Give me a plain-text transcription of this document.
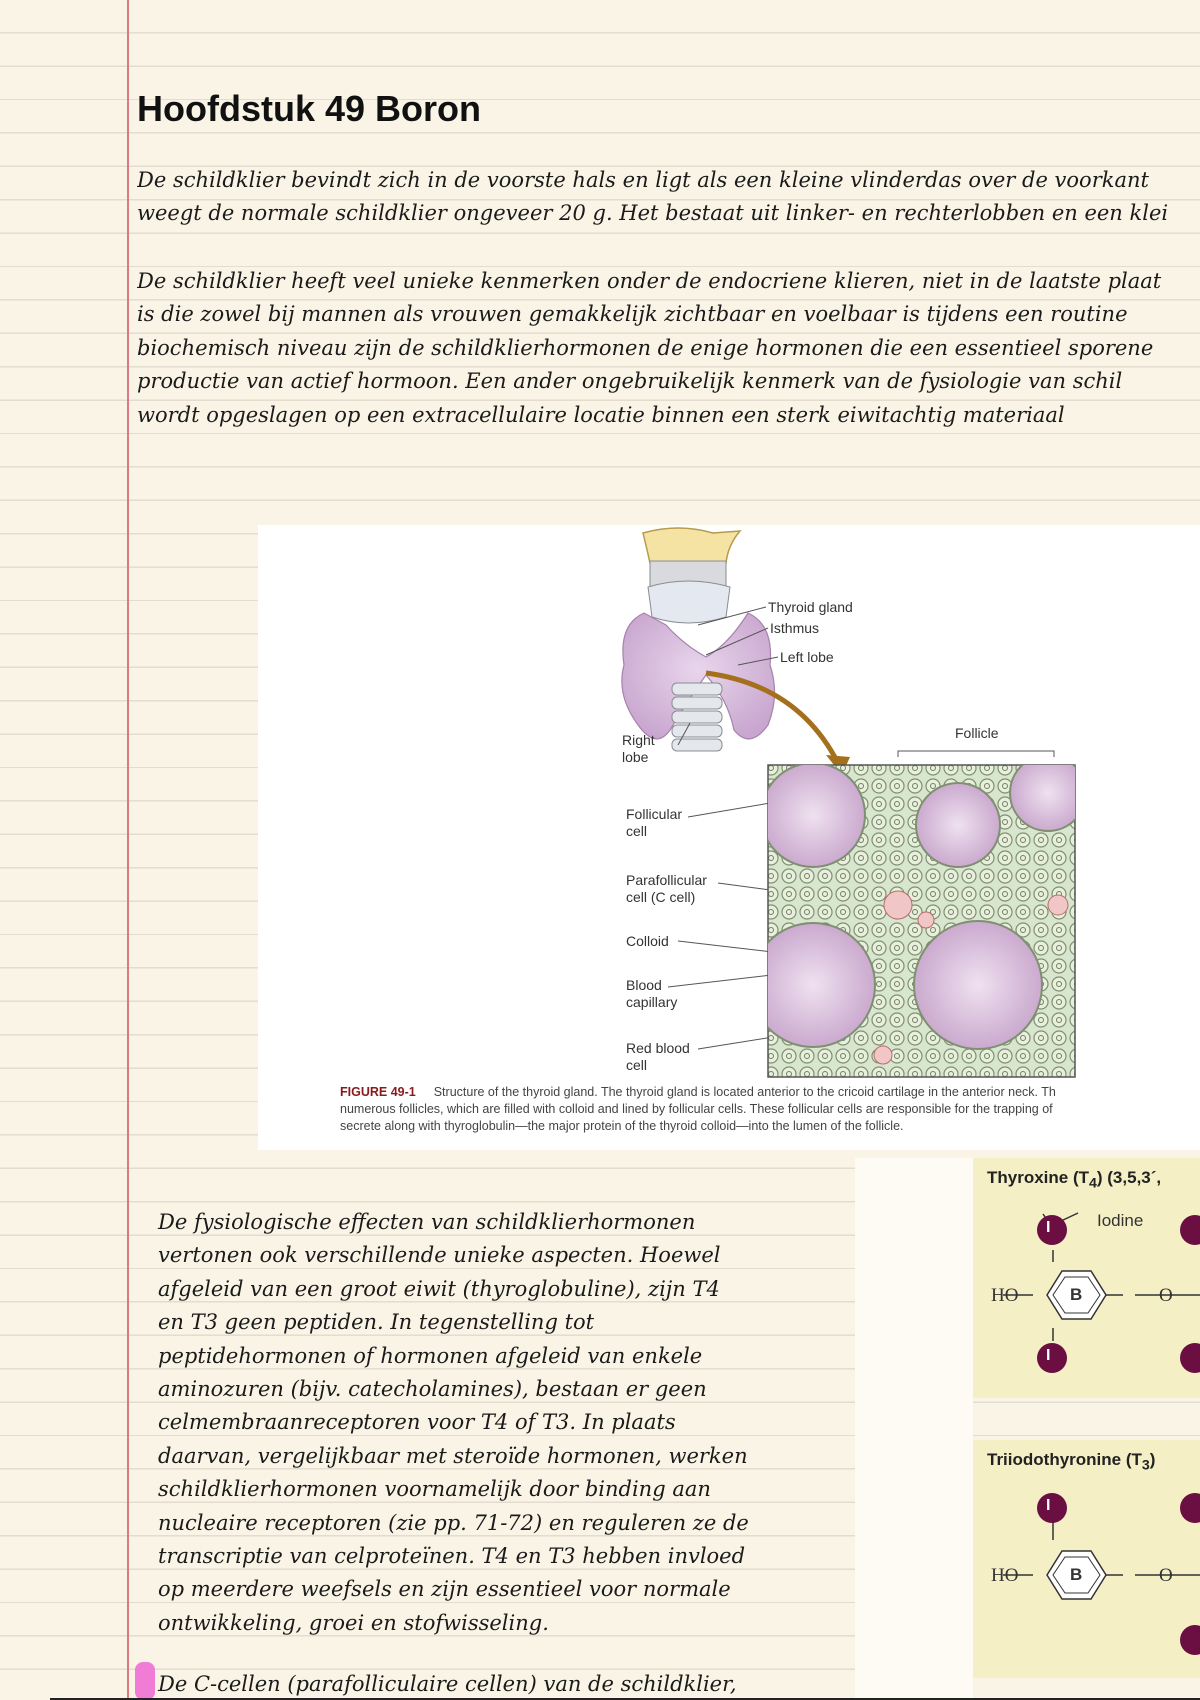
Hoofdstuk 49 Boron
De schildklier bevindt zich in de voorste hals en ligt als een kleine vlinderdas over de voorkant
weegt de normale schildklier ongeveer 20 g. Het bestaat uit linker- en rechterlobben en een klei
De schildklier heeft veel unieke kenmerken onder de endocriene klieren, niet in de laatste plaat
is die zowel bij mannen als vrouwen gemakkelijk zichtbaar en voelbaar is tijdens een routine
biochemisch niveau zijn de schildklierhormonen de enige hormonen die een essentieel sporene
productie van actief hormoon. Een ander ongebruikelijk kenmerk van de fysiologie van schil
wordt opgeslagen op een extracellulaire locatie binnen een sterk eiwitachtig materiaal
Thyroid gland
Isthmus
Left lobe
Right
lobe
Follicle
Follicular
cell
Parafollicular
cell (C cell)
Colloid
Blood
capillary
Red blood
cell
FIGURE 49-1 Structure of the thyroid gland. The thyroid gland is located anterior to the cricoid cartilage in the anterior neck. Th
numerous follicles, which are filled with colloid and lined by follicular cells. These follicular cells are responsible for the trapping of
secrete along with thyroglobulin—the major protein of the thyroid colloid—into the lumen of the follicle.
De fysiologische effecten van schildklierhormonen
vertonen ook verschillende unieke aspecten. Hoewel
afgeleid van een groot eiwit (thyroglobuline), zijn T4
en T3 geen peptiden. In tegenstelling tot
peptidehormonen of hormonen afgeleid van enkele
aminozuren (bijv. catecholamines), bestaan er geen
celmembraanreceptoren voor T4 of T3. In plaats
daarvan, vergelijkbaar met steroïde hormonen, werken
schildklierhormonen voornamelijk door binding aan
nucleaire receptoren (zie pp. 71-72) en reguleren ze de
transcriptie van celproteïnen. T4 en T3 hebben invloed
op meerdere weefsels en zijn essentieel voor normale
ontwikkeling, groei en stofwisseling.
Thyroxine $(T_4)$ (3,5,3´,
I
I
Iodine
B
HO	O
Triiodothyronine $(T_3)$
I
B
HO	O
De C-cellen (parafolliculaire cellen) van de schildklier,
